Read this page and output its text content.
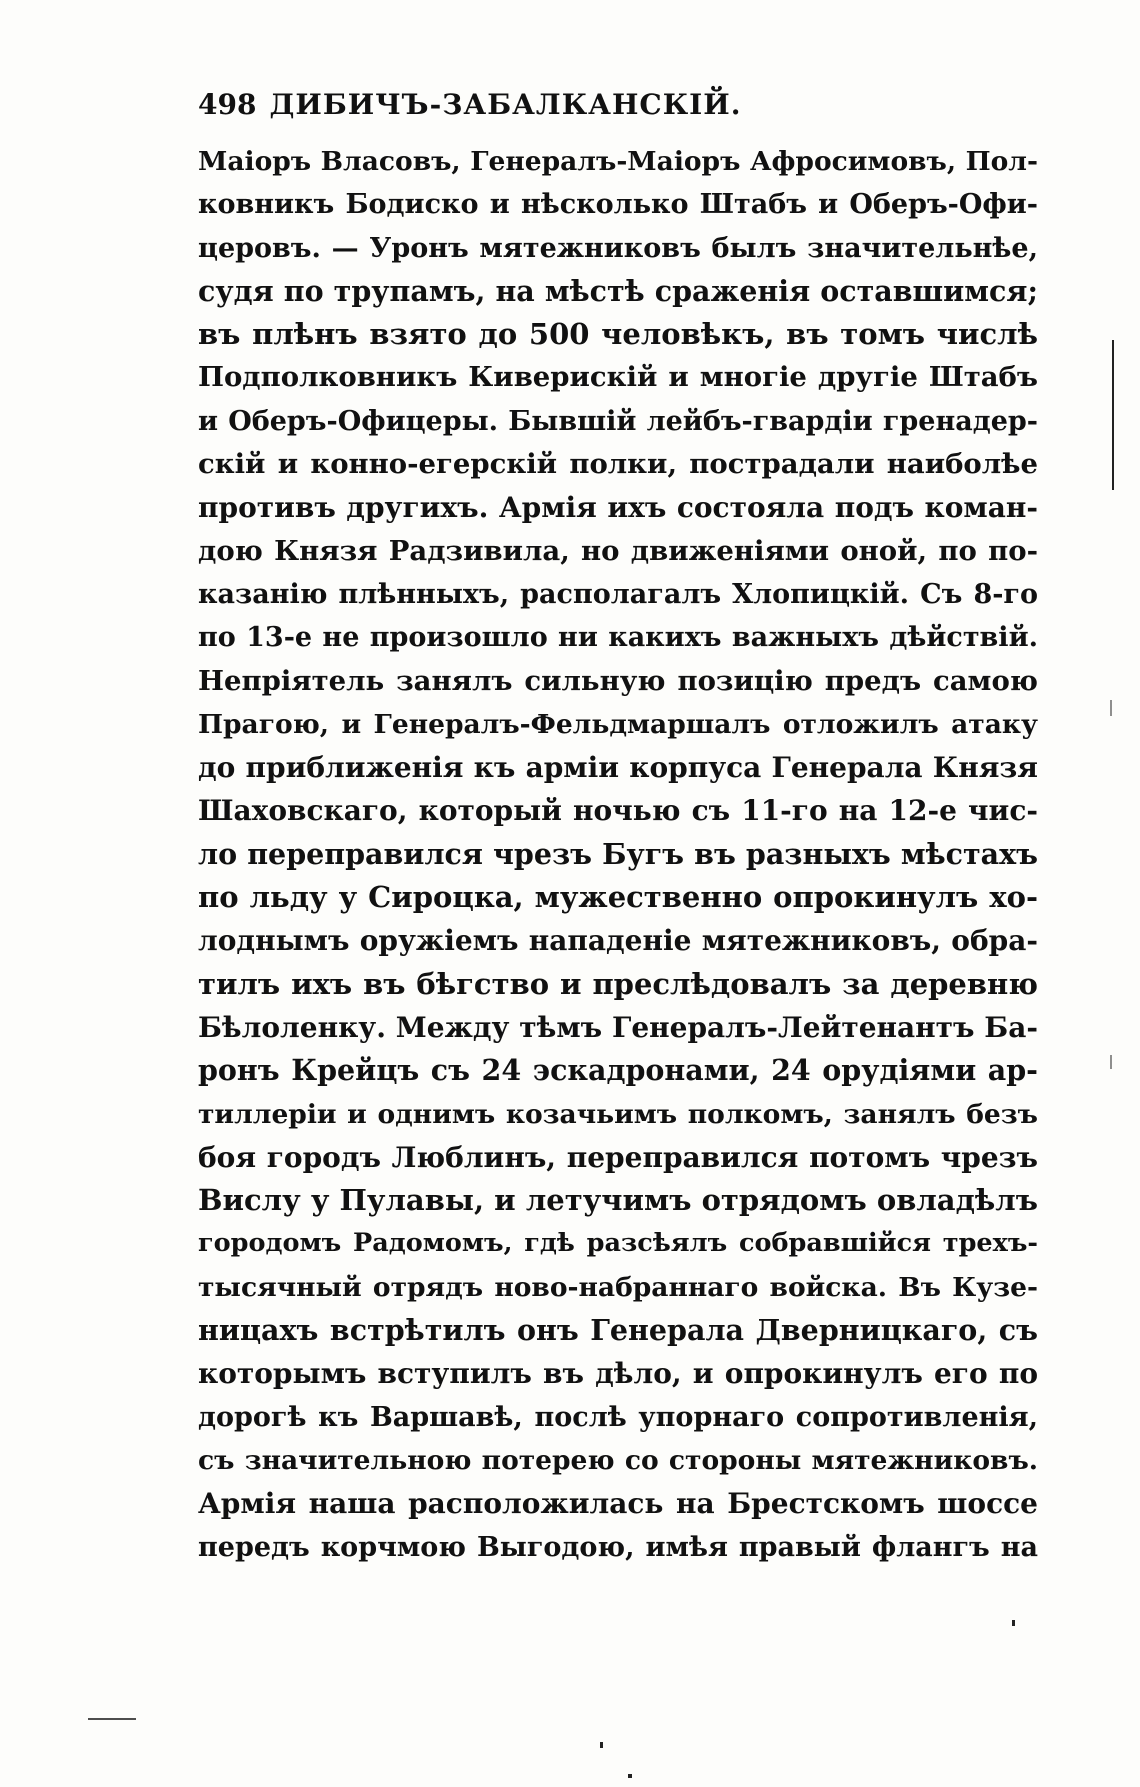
498 ДИБИЧЪ-ЗАБАЛКАНСКІЙ.
Маіоръ Власовъ, Генералъ-Маіоръ Афросимовъ, Пол-
ковникъ Бодиско и нѣсколько Штабъ и Оберъ-Офи-
церовъ. — Уронъ мятежниковъ былъ значительнѣе,
судя по трупамъ, на мѣстѣ сраженія оставшимся;
въ плѣнъ взято до 500 человѣкъ, въ томъ числѣ
Подполковникъ Киверискій и многіе другіе Штабъ
и Оберъ-Офицеры. Бывшій лейбъ-гвардіи гренадер-
скій и конно-егерскій полки, пострадали наиболѣе
противъ другихъ. Армія ихъ состояла подъ коман-
дою Князя Радзивила, но движеніями оной, по по-
казанію плѣнныхъ, располагалъ Хлопицкій. Съ 8-го
по 13-е не произошло ни какихъ важныхъ дѣйствій.
Непріятель занялъ сильную позицію предъ самою
Прагою, и Генералъ-Фельдмаршалъ отложилъ атаку
до приближенія къ арміи корпуса Генерала Князя
Шаховскаго, который ночью съ 11-го на 12-е чис-
ло переправился чрезъ Бугъ въ разныхъ мѣстахъ
по льду у Сироцка, мужественно опрокинулъ хо-
лоднымъ оружіемъ нападеніе мятежниковъ, обра-
тилъ ихъ въ бѣгство и преслѣдовалъ за деревню
Бѣлоленку. Между тѣмъ Генералъ-Лейтенантъ Ба-
ронъ Крейцъ съ 24 эскадронами, 24 орудіями ар-
тиллеріи и однимъ козачьимъ полкомъ, занялъ безъ
боя городъ Люблинъ, переправился потомъ чрезъ
Вислу у Пулавы, и летучимъ отрядомъ овладѣлъ
городомъ Радомомъ, гдѣ разсѣялъ собравшійся трехъ-
тысячный отрядъ ново-набраннаго войска. Въ Кузе-
ницахъ встрѣтилъ онъ Генерала Дверницкаго, съ
которымъ вступилъ въ дѣло, и опрокинулъ его по
дорогѣ къ Варшавѣ, послѣ упорнаго сопротивленія,
съ значительною потерею со стороны мятежниковъ.
Армія наша расположилась на Брестскомъ шоссе
передъ корчмою Выгодою, имѣя правый флангъ на
